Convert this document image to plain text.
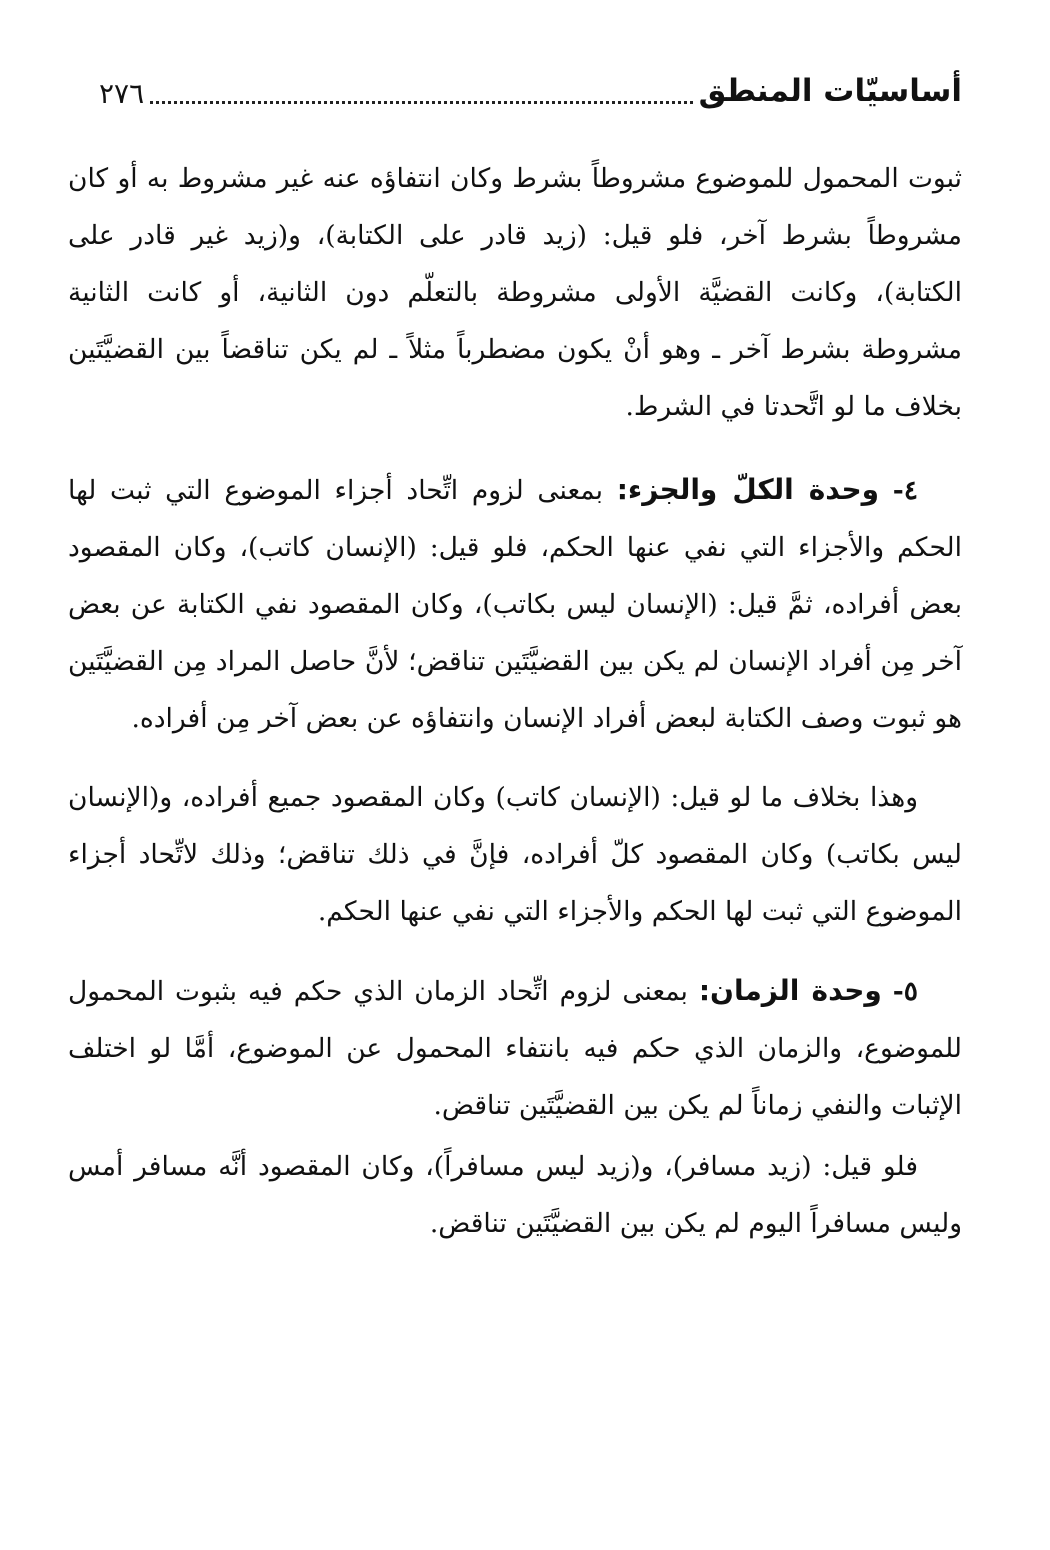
أساسيّات المنطق
٢٧٦

ثبوت المحمول للموضوع مشروطاً بشرط وكان انتفاؤه عنه غير مشروط به أو كان مشروطاً بشرط آخر، فلو قيل: (زيد قادر على الكتابة)، و(زيد غير قادر على الكتابة)، وكانت القضيَّة الأولى مشروطة بالتعلّم دون الثانية، أو كانت الثانية مشروطة بشرط آخر ـ وهو أنْ يكون مضطرباً مثلاً ـ لم يكن تناقضاً بين القضيَّتَين بخلاف ما لو اتَّحدتا في الشرط.

٤- وحدة الكلّ والجزء: بمعنى لزوم اتِّحاد أجزاء الموضوع التي ثبت لها الحكم والأجزاء التي نفي عنها الحكم، فلو قيل: (الإنسان كاتب)، وكان المقصود بعض أفراده، ثمَّ قيل: (الإنسان ليس بكاتب)، وكان المقصود نفي الكتابة عن بعض آخر مِن أفراد الإنسان لم يكن بين القضيَّتَين تناقض؛ لأنَّ حاصل المراد مِن القضيَّتَين هو ثبوت وصف الكتابة لبعض أفراد الإنسان وانتفاؤه عن بعض آخر مِن أفراده.

وهذا بخلاف ما لو قيل: (الإنسان كاتب) وكان المقصود جميع أفراده، و(الإنسان ليس بكاتب) وكان المقصود كلّ أفراده، فإنَّ في ذلك تناقض؛ وذلك لاتِّحاد أجزاء الموضوع التي ثبت لها الحكم والأجزاء التي نفي عنها الحكم.

٥- وحدة الزمان: بمعنى لزوم اتِّحاد الزمان الذي حكم فيه بثبوت المحمول للموضوع، والزمان الذي حكم فيه بانتفاء المحمول عن الموضوع، أمَّا لو اختلف الإثبات والنفي زماناً لم يكن بين القضيَّتَين تناقض.

فلو قيل: (زيد مسافر)، و(زيد ليس مسافراً)، وكان المقصود أنَّه مسافر أمس وليس مسافراً اليوم لم يكن بين القضيَّتَين تناقض.
